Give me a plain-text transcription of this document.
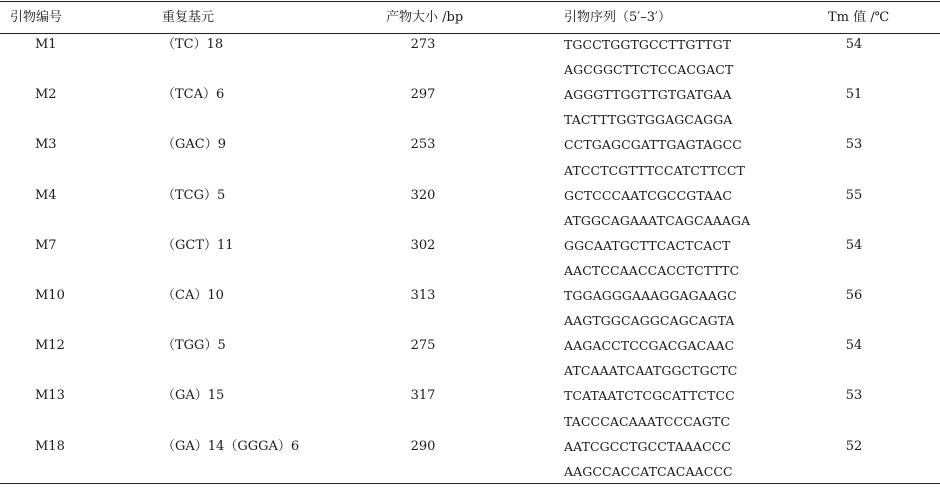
引物编号	重复基元	产物大小 /bp	引物序列（5′–3′）	Tm 值 /℃
M1	（TC）18	273	TGCCTGGTGCCTTGTTGT	54
AGCGGCTTCTCCACGACT
M2	（TCA）6	297	AGGGTTGGTTGTGATGAA	51
TACTTTGGTGGAGCAGGA
M3	（GAC）9	253	CCTGAGCGATTGAGTAGCC	53
ATCCTCGTTTCCATCTTCCT
M4	（TCG）5	320	GCTCCCAATCGCCGTAAC	55
ATGGCAGAAATCAGCAAAGA
M7	（GCT）11	302	GGCAATGCTTCACTCACT	54
AACTCCAACCACCTCTTTC
M10	（CA）10	313	TGGAGGGAAAGGAGAAGC	56
AAGTGGCAGGCAGCAGTA
M12	（TGG）5	275	AAGACCTCCGACGACAAC	54
ATCAAATCAATGGCTGCTC
M13	（GA）15	317	TCATAATCTCGCATTCTCC	53
TACCCACAAATCCCAGTC
M18	（GA）14（GGGA）6	290	AATCGCCTGCCTAAACCC	52
AAGCCACCATCACAACCC
